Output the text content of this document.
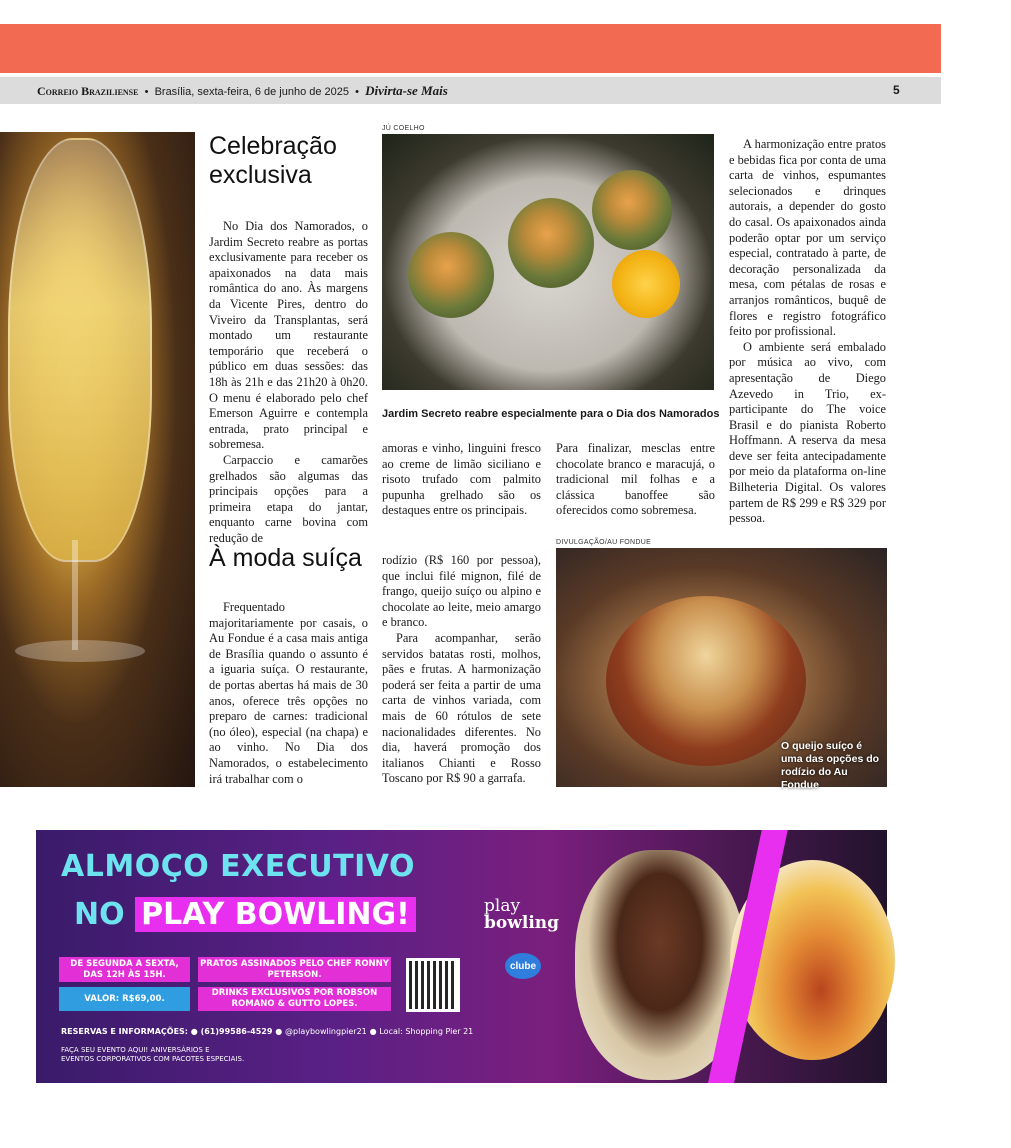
Correio Braziliense  •  Brasília, sexta-feira, 6 de junho de 2025  •  Divirta-se Mais	5
Celebração
exclusiva
JÚ COELHO
Jardim Secreto reabre especialmente para o Dia dos Namorados

No Dia dos Namorados, o Jardim Secreto reabre as portas exclusivamente para receber os apaixonados na data mais romântica do ano. Às margens da Vicente Pires, dentro do Viveiro da Transplantas, será montado um restaurante temporário que receberá o público em duas sessões: das 18h às 21h e das 21h20 à 0h20. O menu é elaborado pelo chef Emerson Aguirre e contempla entrada, prato principal e sobremesa.

Carpaccio e camarões grelhados são algumas das principais opções para a primeira etapa do jantar, enquanto carne bovina com redução de

amoras e vinho, linguini fresco ao creme de limão siciliano e risoto trufado com palmito pupunha grelhado são os destaques entre os principais.

Para finalizar, mesclas entre chocolate branco e maracujá, o tradicional mil folhas e a clássica banoffee são oferecidos como sobremesa.

A harmonização entre pratos e bebidas fica por conta de uma carta de vinhos, espumantes selecionados e drinques autorais, a depender do gosto do casal. Os apaixonados ainda poderão optar por um serviço especial, contratado à parte, de decoração personalizada da mesa, com pétalas de rosas e arranjos românticos, buquê de flores e registro fotográfico feito por profissional.

O ambiente será embalado por música ao vivo, com apresentação de Diego Azevedo in Trio, ex-participante do The voice Brasil e do pianista Roberto Hoffmann. A reserva da mesa deve ser feita antecipadamente por meio da plataforma on-line Bilheteria Digital. Os valores partem de R$ 299 e R$ 329 por pessoa.

À moda suíça

Frequentado majoritariamente por casais, o Au Fondue é a casa mais antiga de Brasília quando o assunto é a iguaria suíça. O restaurante, de portas abertas há mais de 30 anos, oferece três opções no preparo de carnes: tradicional (no óleo), especial (na chapa) e ao vinho. No Dia dos Namorados, o estabelecimento irá trabalhar com o

rodízio (R$ 160 por pessoa), que inclui filé mignon, filé de frango, queijo suíço ou alpino e chocolate ao leite, meio amargo e branco.

Para acompanhar, serão servidos batatas rosti, molhos, pães e frutas. A harmonização poderá ser feita a partir de uma carta de vinhos variada, com mais de 60 rótulos de sete nacionalidades diferentes. No dia, haverá promoção dos italianos Chianti e Rosso Toscano por R$ 90 a garrafa.

DIVULGAÇÃO/AU FONDUE
O queijo suíço é uma das opções do rodízio do Au Fondue
ALMOÇO EXECUTIVO
NO PLAY BOWLING!
DE SEGUNDA A SEXTA, DAS 12H ÀS 15H.
VALOR: R$69,00.
PRATOS ASSINADOS PELO CHEF RONNY PETERSON.
DRINKS EXCLUSIVOS POR ROBSON ROMANO & GUTTO LOPES.
play
bowling
clube
RESERVAS E INFORMAÇÕES: ● (61)99586-4529 ● @playbowlingpier21 ● Local: Shopping Pier 21
FAÇA SEU EVENTO AQUI! ANIVERSÁRIOS E
EVENTOS CORPORATIVOS COM PACOTES ESPECIAIS.
